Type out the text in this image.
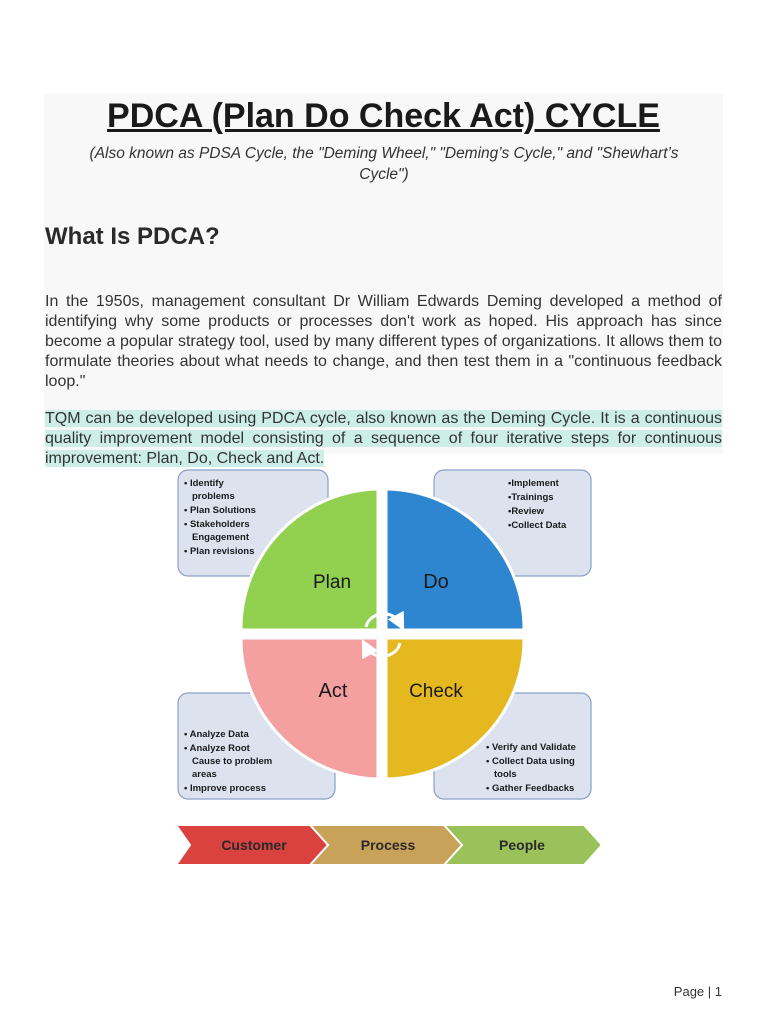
PDCA (Plan Do Check Act) CYCLE
(Also known as PDSA Cycle, the "Deming Wheel," "Deming’s Cycle," and "Shewhart’s Cycle")
What Is PDCA?

In the 1950s, management consultant Dr William Edwards Deming developed a method of identifying why some products or processes don't work as hoped. His approach has since become a popular strategy tool, used by many different types of organizations. It allows them to formulate theories about what needs to change, and then test them in a "continuous feedback loop."

TQM can be developed using PDCA cycle, also known as the Deming Cycle. It is a continuous quality improvement model consisting of a sequence of four iterative steps for continuous improvement: Plan, Do, Check and Act.

Plan	Do
Act	Check
• Identify
problems
• Plan Solutions
• Stakeholders
Engagement
• Plan revisions
•Implement
•Trainings
•Review
•Collect Data
• Analyze Data
• Analyze Root
Cause to problem
areas
• Improve process
• Verify and Validate
• Collect Data using
tools
• Gather Feedbacks
Customer	Process	People
Page | 1
